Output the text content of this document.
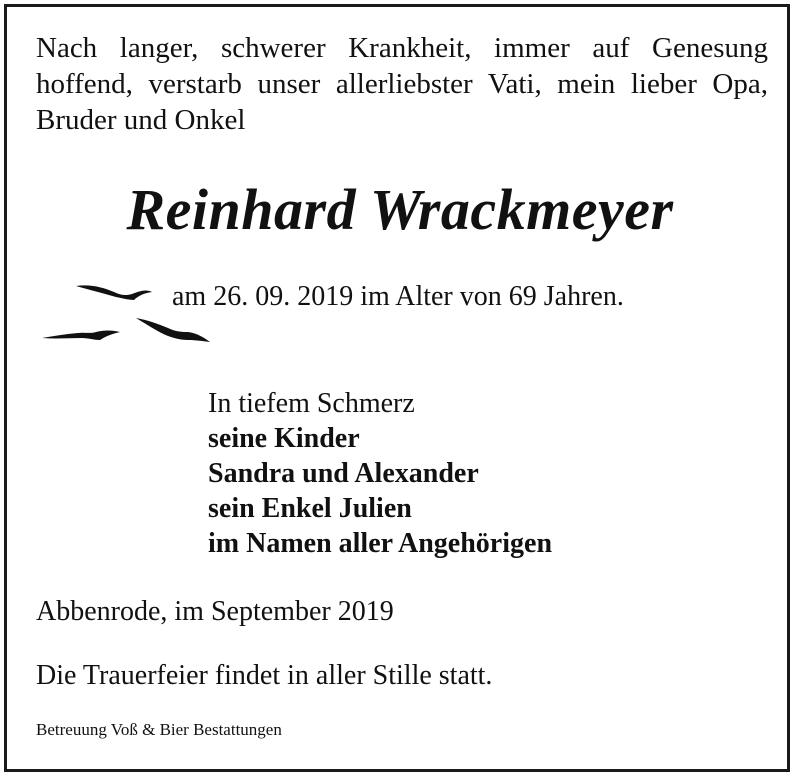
Nach langer, schwerer Krankheit, immer auf Genesung
hoffend, verstarb unser allerliebster Vati, mein lieber Opa,
Bruder und Onkel
Reinhard Wrackmeyer
am 26. 09. 2019 im Alter von 69 Jahren.
In tiefem Schmerz
seine Kinder
Sandra und Alexander
sein Enkel Julien
im Namen aller Angehörigen
Abbenrode, im September 2019
Die Trauerfeier findet in aller Stille statt.
Betreuung Voß & Bier Bestattungen
